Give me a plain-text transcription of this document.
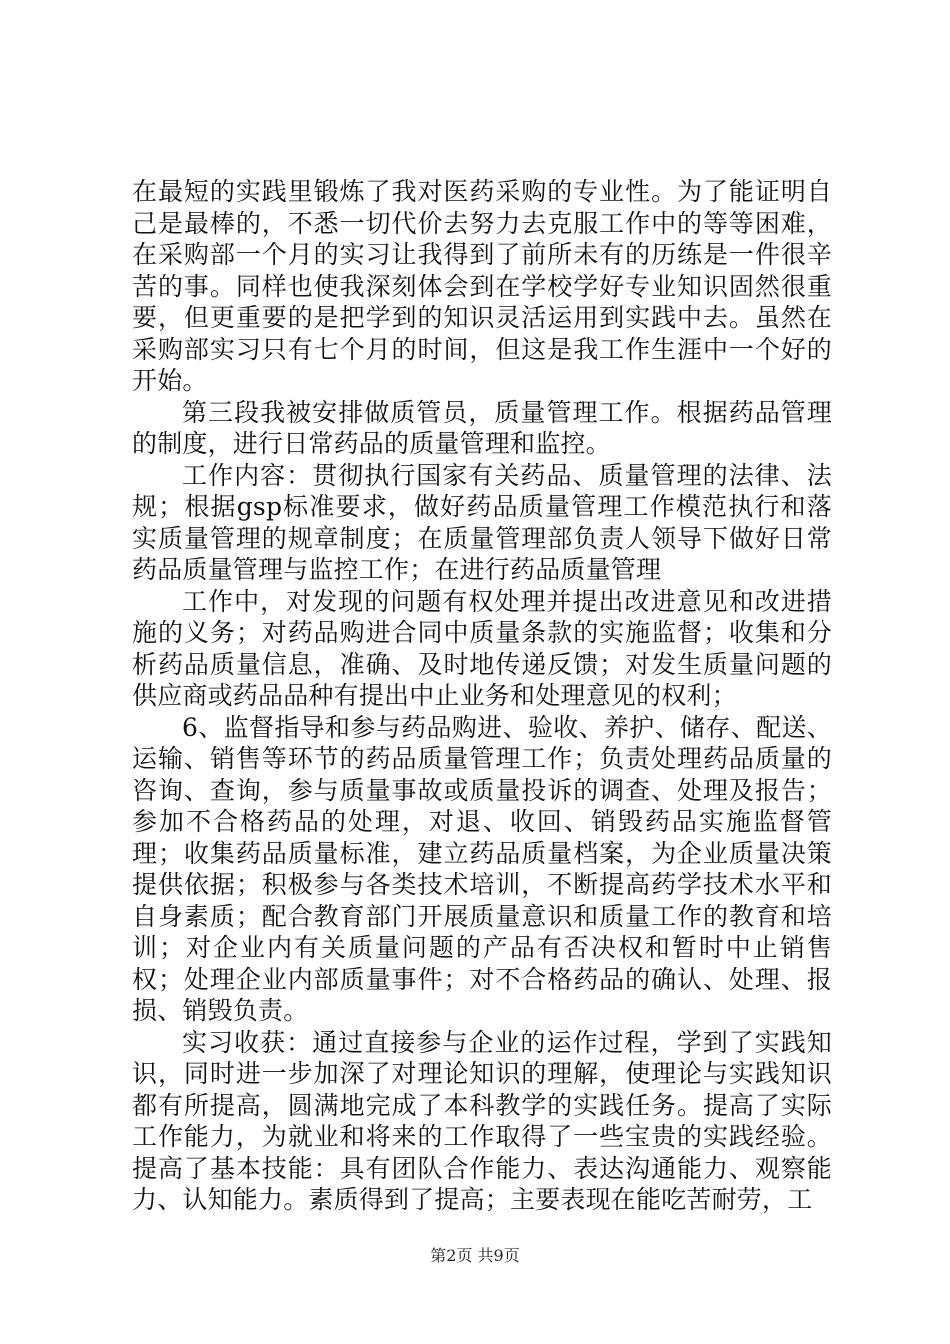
在最短的实践里锻炼了我对医药采购的专业性。为了能证明自己是最棒的，不悉一切代价去努力去克服工作中的等等困难，在采购部一个月的实习让我得到了前所未有的历练是一件很辛苦的事。同样也使我深刻体会到在学校学好专业知识固然很重要，但更重要的是把学到的知识灵活运用到实践中去。虽然在采购部实习只有七个月的时间，但这是我工作生涯中一个好的开始。

第三段我被安排做质管员，质量管理工作。根据药品管理的制度，进行日常药品的质量管理和监控。

工作内容：贯彻执行国家有关药品、质量管理的法律、法规；根据gsp标准要求，做好药品质量管理工作模范执行和落实质量管理的规章制度；在质量管理部负责人领导下做好日常药品质量管理与监控工作；在进行药品质量管理

工作中，对发现的问题有权处理并提出改进意见和改进措施的义务；对药品购进合同中质量条款的实施监督；收集和分析药品质量信息，准确、及时地传递反馈；对发生质量问题的供应商或药品品种有提出中止业务和处理意见的权利；

6、监督指导和参与药品购进、验收、养护、储存、配送、运输、销售等环节的药品质量管理工作；负责处理药品质量的咨询、查询，参与质量事故或质量投诉的调查、处理及报告；参加不合格药品的处理，对退、收回、销毁药品实施监督管理；收集药品质量标准，建立药品质量档案，为企业质量决策提供依据；积极参与各类技术培训，不断提高药学技术水平和自身素质；配合教育部门开展质量意识和质量工作的教育和培训；对企业内有关质量问题的产品有否决权和暂时中止销售权；处理企业内部质量事件；对不合格药品的确认、处理、报损、销毁负责。

实习收获：通过直接参与企业的运作过程，学到了实践知识，同时进一步加深了对理论知识的理解，使理论与实践知识都有所提高，圆满地完成了本科教学的实践任务。提高了实际工作能力，为就业和将来的工作取得了一些宝贵的实践经验。提高了基本技能：具有团队合作能力、表达沟通能力、观察能力、认知能力。素质得到了提高；主要表现在能吃苦耐劳，工

第2页 共9页
